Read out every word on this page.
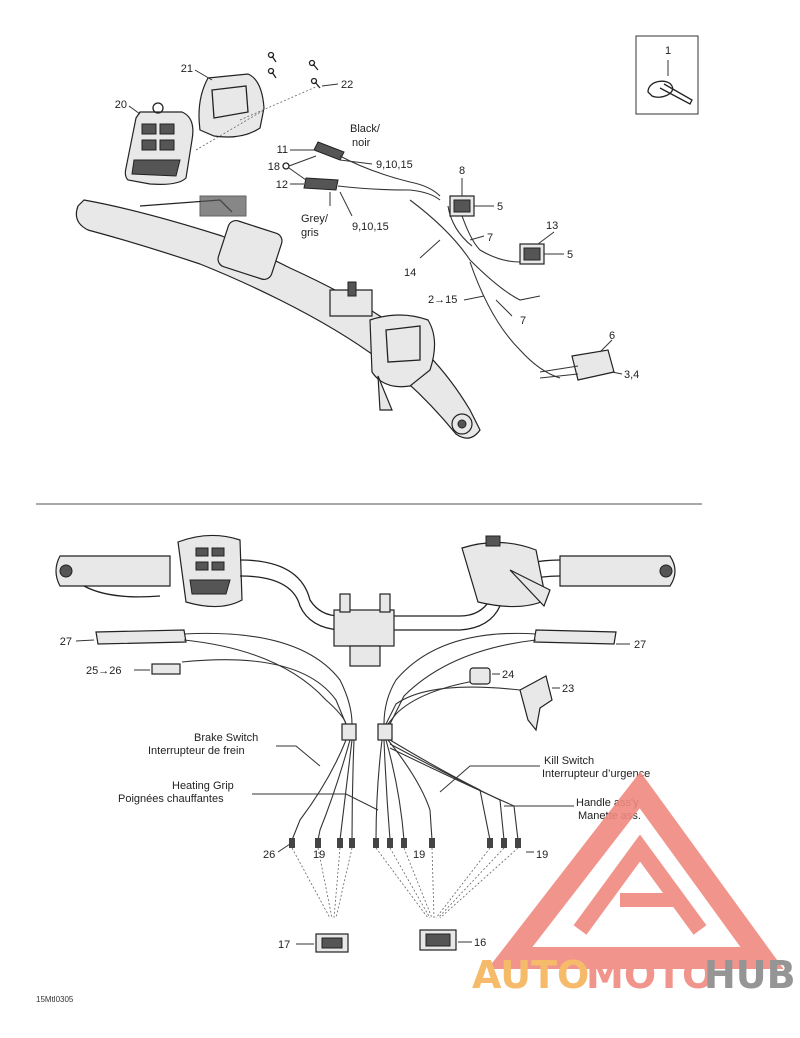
1
20
21
22
Black/
noir
Grey/
gris
11
12
18	9,10,15
9,10,15
14
7
7
2→15
8
5
13
5
6
3,4
27	27
25→26	24
23
Brake Switch
Interrupteur de frein
Heating Grip
Poignées chauffantes
Kill Switch
Interrupteur d’urgence
Handle ass'y
Manette ass.
26	19	19	19
17	16
15Mtl0305
AUTO
MOTO
HUB
